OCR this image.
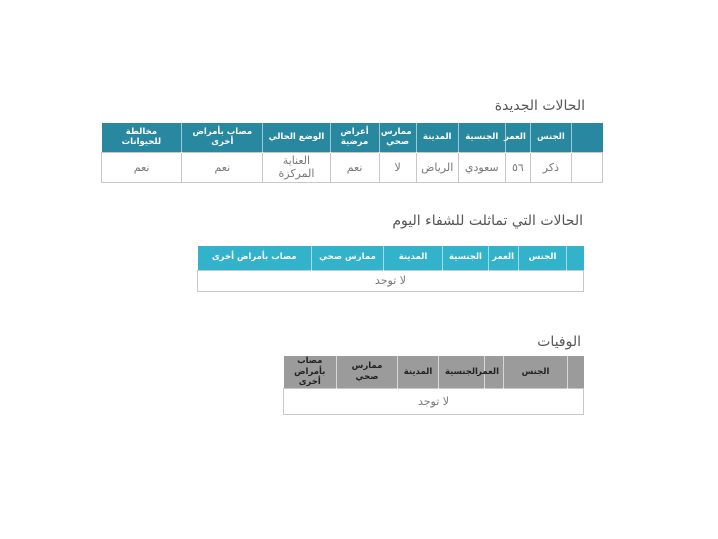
الحالات الجديدة
	الجنس	العمر	الجنسية	المدينة	ممارس صحي	أعراض مرضية	الوضع الحالي	مصاب بأمراض أخرى	مخالطة للحيوانات
	ذكر	٥٦	سعودي	الرياض	لا	نعم	العناية المركزة	نعم	نعم
الحالات التي تماثلت للشفاء اليوم
	الجنس	العمر	الجنسية	المدينة	ممارس صحي	مصاب بأمراض أخرى
لا توجد
الوفيات
	الجنس	العمر	الجنسية	المدينة	ممارس صحي	مصاب بأمراض أخرى
لا توجد
